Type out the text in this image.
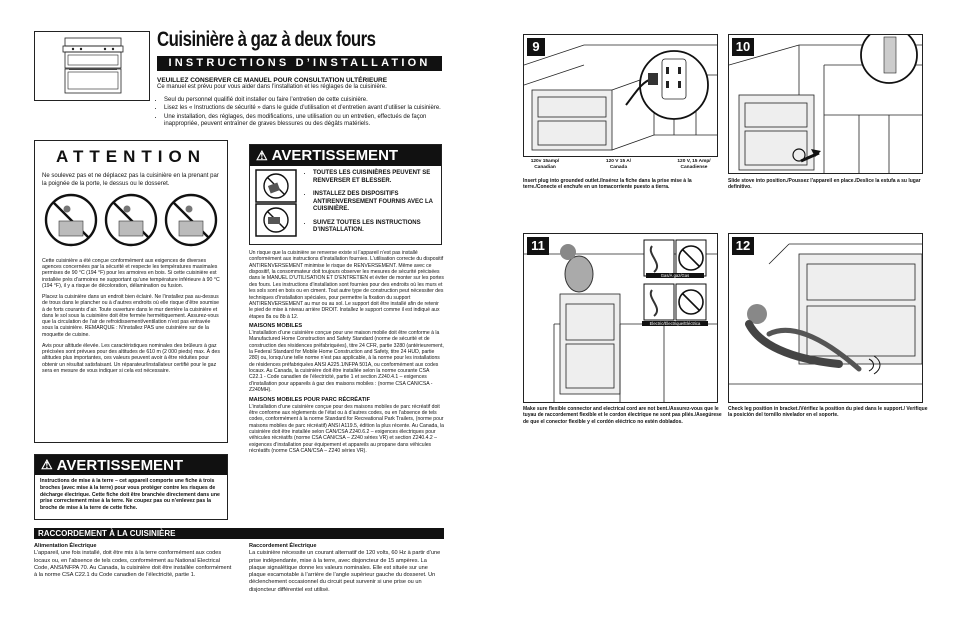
Cuisinière à gaz à deux fours
INSTRUCTIONS D’INSTALLATION
VEUILLEZ CONSERVER CE MANUEL POUR CONSULTATION ULTÉRIEURE
Ce manuel est prévu pour vous aider dans l’installation et les réglages de la cuisinière.
• Seul du personnel qualifié doit installer ou faire l’entretien de cette cuisinière.
• Lisez les « Instructions de sécurité » dans le guide d’utilisation et d’entretien avant d’utiliser la cuisinière.
• Une installation, des réglages, des modifications, une utilisation ou un entretien, effectués de façon inappropriée, peuvent entraîner de graves blessures ou des dégâts matériels.
ATTENTION
Ne soulevez pas et ne déplacez pas la cuisinière en la prenant par la poignée de la porte, le dessus ou le dosseret.
Cette cuisinière a été conçue conformément aux exigences de diverses agences concernées par la sécurité et respecte les températures maximales permises de 90 °C (194 °F) pour les armoires en bois. Si cette cuisinière est installée près d’armoires ne supportant qu’une température inférieure à 90 °C (194 °F), il y a risque de décoloration, délamination ou fusion.
Placez la cuisinière dans un endroit bien éclairé. Ne l’installez pas au-dessus de trous dans le plancher ou à d’autres endroits où elle risque d’être soumise à de forts courants d’air. Toute ouverture dans le mur derrière la cuisinière et dans le sol sous la cuisinière doit être fermée hermétiquement. Assurez-vous que la circulation de l’air de refroidissement/ventilation n’est pas entravée sous la cuisinière. REMARQUE : N’installez PAS une cuisinière sur de la moquette de cuisine.
Avis pour altitude élevée. Les caractéristiques nominales des brûleurs à gaz précisées sont prévues pour des altitudes de 610 m (2 000 pieds) max. À des altitudes plus importantes, ces valeurs peuvent avoir à être réduites pour obtenir un résultat satisfaisant. Un réparateur/installateur certifié pour le gaz sera en mesure de vous indiquer si cela est nécessaire.
⚠ AVERTISSEMENT
• TOUTES LES CUISINIÈRES PEUVENT SE RENVERSER ET BLESSER.
• INSTALLEZ DES DISPOSITIFS ANTIRENVERSEMENT FOURNIS AVEC LA CUISINIÈRE.
• SUIVEZ TOUTES LES INSTRUCTIONS D’INSTALLATION.
Un risque que la cuisinière se renverse existe si l’appareil n’est pas installé conformément aux instructions d’installation fournies. L’utilisation correcte du dispositif ANTIRENVERSEMENT minimise le risque de RENVERSEMENT. Même avec ce dispositif, la consommateur doit toujours observer les mesures de sécurité précisées dans le MANUEL D’UTILISATION ET D’ENTRETIEN et éviter de monter sur les portes des fours. Les instructions d’installation sont fournies pour des endroits où les murs et les sols sont en bois ou en ciment. Tout autre type de construction peut nécessiter des techniques d’installation spéciales, pour permettre la fixation du support ANTIRENVERSEMENT au mur ou au sol. Le support doit être installé afin de retenir le pied de mise à niveau arrière DROIT. Installez le support comme il est indiqué aux étapes 8a ou 8b à 12.
MAISONS MOBILES
L’installation d’une cuisinière conçue pour une maison mobile doit être conforme à la Manufactured Home Construction and Safety Standard (norme de sécurité et de construction des résidences préfabriquées), titre 24 CFR, partie 3280 (antérieurement, la Federal Standard for Mobile Home Construction and Safety, titre 24 HUD, partie 280) ou, lorsqu’une telle norme n’est pas applicable, à la norme pour les installations de résidences préfabriquées ANSI A225.1/NFPA 501A, ou conformément aux codes locaux. Au Canada, la cuisinière doit être installée selon la norme courante CSA C22.1 - Code canadien de l’électricité, partie 1 et section Z240.4.1 – exigences d’installation pour appareils à gaz des maisons mobiles : (norme CSA CAN/CSA - Z240MH).
MAISONS MOBILES POUR PARC RÉCRÉATIF
L’installation d’une cuisinière conçue pour des maisons mobiles de parc récréatif doit être conforme aux règlements de l’état ou à d’autres codes, ou en l’absence de tels codes, conformément à la norme Standard for Recreational Park Trailers, (norme pour maisons mobiles de parc récréatif) ANSI A119.5, édition la plus récente. Au Canada, la cuisinière doit être installée selon CAN/CSA Z240.6.2 – exigences électriques pour véhicules récréatifs (norme CSA CAN/CSA – Z240 séries VR) et section Z240.4.2 – exigences d’installation pour équipement et appareils au propane dans véhicules récréatifs (norme CSA CAN/CSA – Z240 séries VR).
⚠ AVERTISSEMENT
Instructions de mise à la terre – cet appareil comporte une fiche à trois broches (avec mise à la terre) pour vous protéger contre les risques de décharge électrique. Cette fiche doit être branchée directement dans une prise correctement mise à la terre. Ne coupez pas ou n’enlevez pas la broche de mise à la terre de cette fiche.
RACCORDEMENT À LA CUISINIÈRE
Alimentation Électrique
L’appareil, une fois installé, doit être mis à la terre conformément aux codes locaux ou, en l’absence de tels codes, conformément au National Electrical Code, ANSI/NFPA 70. Au Canada, la cuisinière doit être installée conformément à la norme CSA C22.1 du Code canadien de l’électricité, partie 1.
Raccordement Électrique
La cuisinière nécessite un courant alternatif de 120 volts, 60 Hz à partir d’une prise indépendante, mise à la terre, avec disjoncteur de 15 ampères. La plaque signalétique donne les valeurs nominales. Elle est située sur une plaque escamotable à l’arrière de l’angle supérieur gauche du dosseret. Un déclenchement occasionnel du circuit peut survenir si une prise ou un disjoncteur différentiel est utilisé.
9
120v 15amp/ Canadian
120 V 15 A/ Canada
120 V, 15 Amp/ Canadiense
Insert plug into grounded outlet./Insérez la fiche dans la prise mise à la terre./Conecte el enchufe en un tomacorriente puesto a tierra.
10
Slide stove into position./Poussez l’appareil en place./Deslice la estufa a su lugar definitivo.
11
Gas/À gaz/Gas
Electric/Électrique/Eléctrica
Make sure flexible connector and electrical cord are not bent./Assurez-vous que le tuyau de raccordement flexible et le cordon électrique ne sont pas pliés./Asegúrese de que el conector flexible y el cordón eléctrico no estén doblados.
12
Check leg position in bracket./Vérifiez la position du pied dans le support./ Verifique la posición del tornillo nivelador en el soporte.
